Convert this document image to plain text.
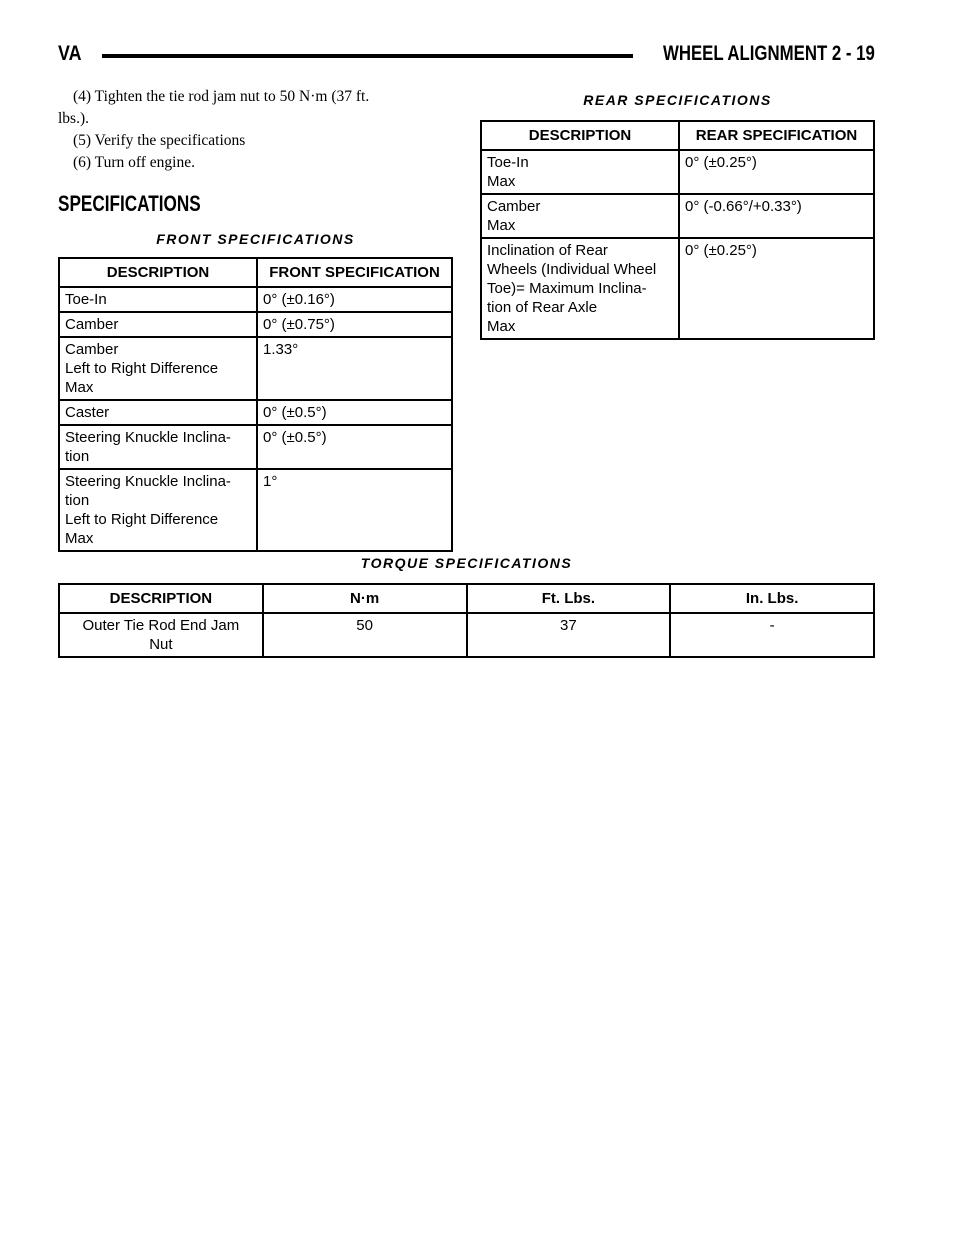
VA	WHEEL ALIGNMENT 2 - 19

(4) Tighten the tie rod jam nut to 50 N·m (37 ft.

lbs.).

(5) Verify the specifications

(6) Turn off engine.

SPECIFICATIONS
FRONT SPECIFICATIONS
DESCRIPTION	FRONT SPECIFICATION
Toe-In	0° (±0.16°)
Camber	0° (±0.75°)
Camber
Left to Right Difference
Max	1.33°
Caster	0° (±0.5°)
Steering Knuckle Inclina-
tion	0° (±0.5°)
Steering Knuckle Inclina-
tion
Left to Right Difference
Max	1°
REAR SPECIFICATIONS
DESCRIPTION	REAR SPECIFICATION
Toe-In
Max	0° (±0.25°)
Camber
Max	0° (-0.66°/+0.33°)
Inclination of Rear
Wheels (Individual Wheel
Toe)= Maximum Inclina-
tion of Rear Axle
Max	0° (±0.25°)
TORQUE SPECIFICATIONS
DESCRIPTION	N·m	Ft. Lbs.	In. Lbs.
Outer Tie Rod End Jam
Nut	50	37	-
